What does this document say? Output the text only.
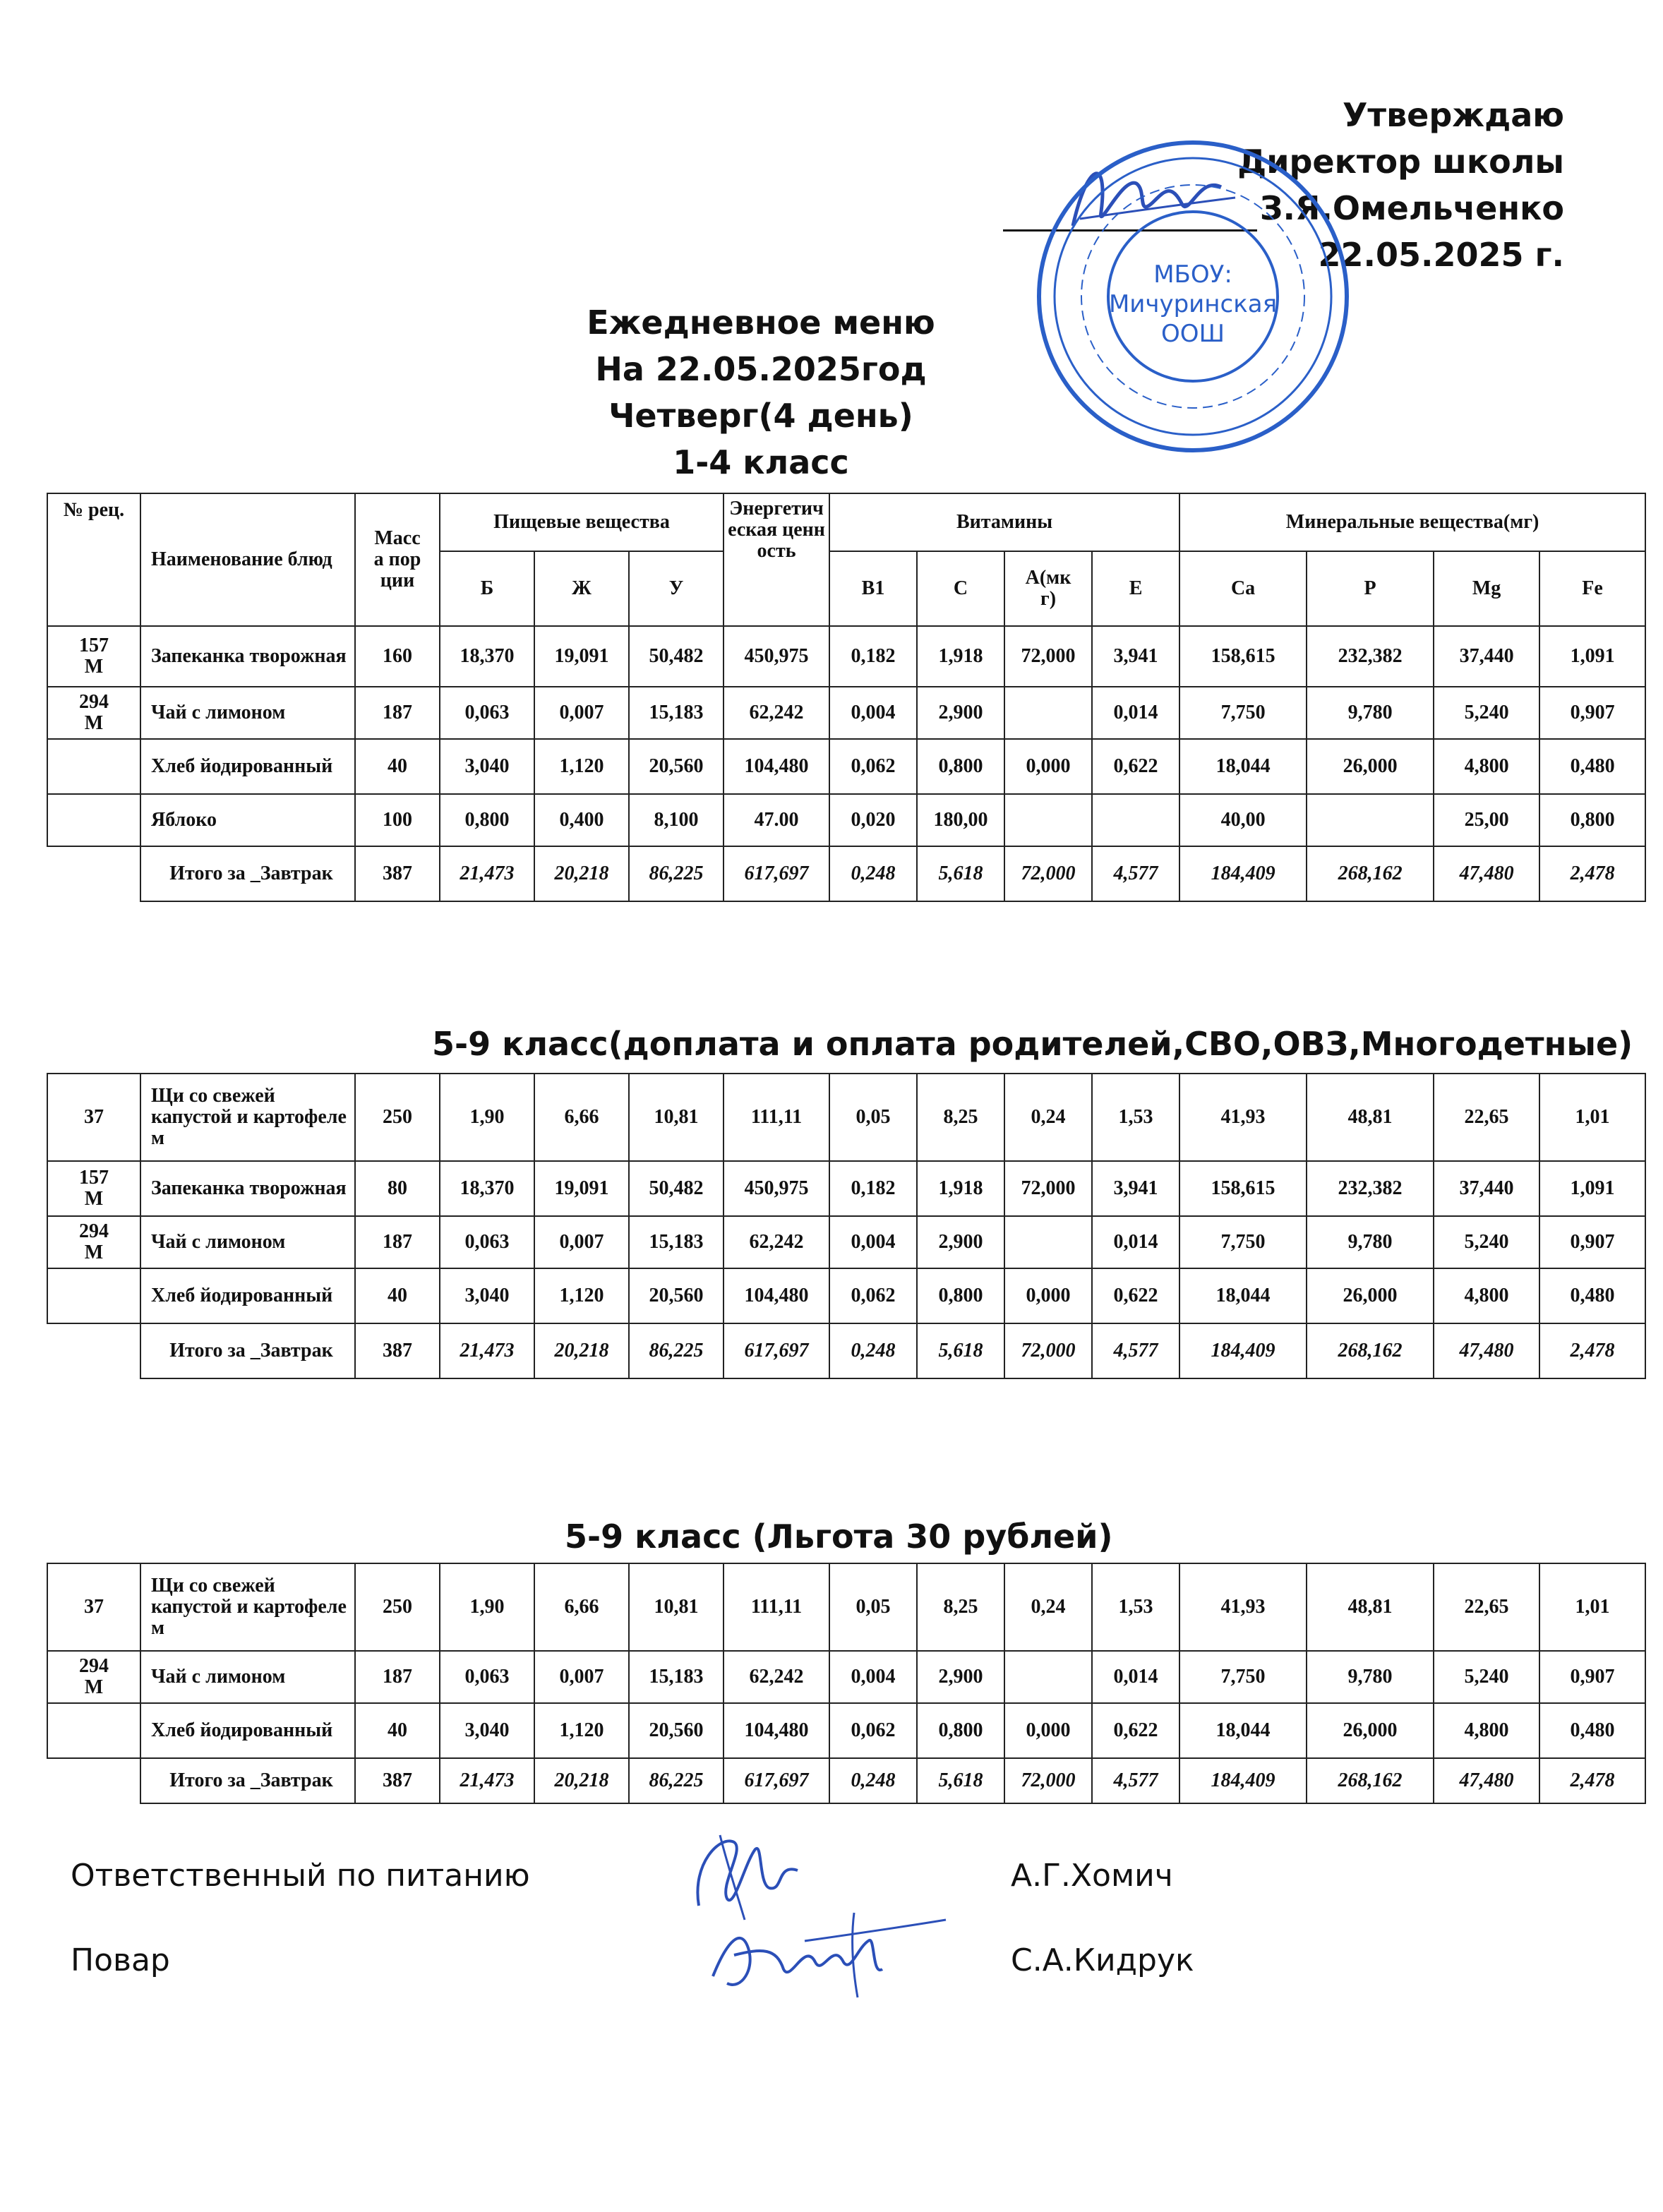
Утверждаю
Директор школы
З.Я.Омельченко
22.05.2025 г.
МБОУ:
Мичуринская
ООШ
Ежедневное меню
На 22.05.2025год
Четверг(4 день)
1-4 класс
№ рец.	Наименование блюд	Масса порции	Пищевые вещества			Энергетическая ценность	Витамины				Минеральные вещества(мг)			
			Б	Ж	У		В1	С	А(мкг)	Е	Ca	P	Mg	Fe
157 М	Запеканка творожная	160	18,370	19,091	50,482	450,975	0,182	1,918	72,000	3,941	158,615	232,382	37,440	1,091
294 М	Чай с лимоном	187	0,063	0,007	15,183	62,242	0,004	2,900		0,014	7,750	9,780	5,240	0,907
	Хлеб йодированный	40	3,040	1,120	20,560	104,480	0,062	0,800	0,000	0,622	18,044	26,000	4,800	0,480
	Яблоко	100	0,800	0,400	8,100	47.00	0,020	180,00			40,00		25,00	0,800
	Итого за _Завтрак	387	21,473	20,218	86,225	617,697	0,248	5,618	72,000	4,577	184,409	268,162	47,480	2,478
5-9 класс(доплата и оплата родителей,СВО,ОВЗ,Многодетные)
37	Щи со свежей капустой и картофеле м	250	1,90	6,66	10,81	111,11	0,05	8,25	0,24	1,53	41,93	48,81	22,65	1,01
157 М	Запеканка творожная	80	18,370	19,091	50,482	450,975	0,182	1,918	72,000	3,941	158,615	232,382	37,440	1,091
294 М	Чай с лимоном	187	0,063	0,007	15,183	62,242	0,004	2,900		0,014	7,750	9,780	5,240	0,907
	Хлеб йодированный	40	3,040	1,120	20,560	104,480	0,062	0,800	0,000	0,622	18,044	26,000	4,800	0,480
	Итого за _Завтрак	387	21,473	20,218	86,225	617,697	0,248	5,618	72,000	4,577	184,409	268,162	47,480	2,478
5-9 класс (Льгота 30 рублей)
37	Щи со свежей капустой и картофеле м	250	1,90	6,66	10,81	111,11	0,05	8,25	0,24	1,53	41,93	48,81	22,65	1,01
294 М	Чай с лимоном	187	0,063	0,007	15,183	62,242	0,004	2,900		0,014	7,750	9,780	5,240	0,907
	Хлеб йодированный	40	3,040	1,120	20,560	104,480	0,062	0,800	0,000	0,622	18,044	26,000	4,800	0,480
	Итого за _Завтрак	387	21,473	20,218	86,225	617,697	0,248	5,618	72,000	4,577	184,409	268,162	47,480	2,478
Ответственный по питанию	А.Г.Хомич
Повар	С.А.Кидрук
